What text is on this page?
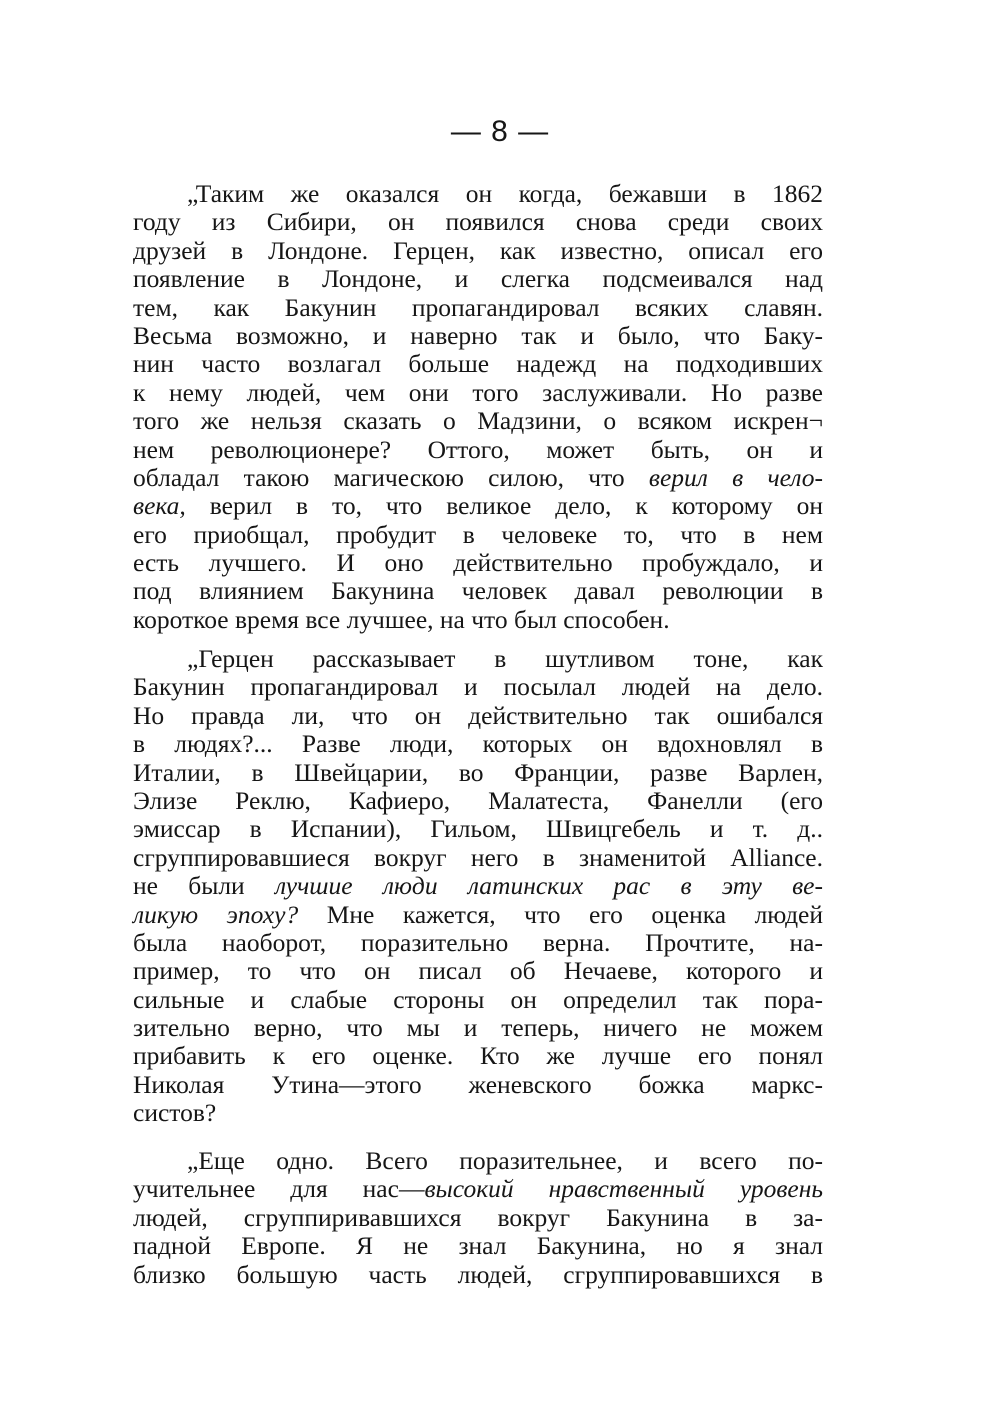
— 8 —
„Таким же оказался он когда, бежавши в 1862
году из Сибири, он появился снова среди своих
друзей в Лондоне. Герцен, как известно, описал его
появление в Лондоне, и слегка подсмеивался над
тем, как Бакунин пропагандировал всяких славян.
Весьма возможно, и наверно так и было, что Баку-
нин часто возлагал больше надежд на подходивших
к нему людей, чем они того заслуживали. Но разве
того же нельзя сказать о Мадзини, о всяком искрен¬
нем революционере? Оттого, может быть, он и
обладал такою магическою силою, что верил в чело-
века, верил в то, что великое дело, к которому он
его приобщал, пробудит в человеке то, что в нем
есть лучшего. И оно действительно пробуждало, и
под влиянием Бакунина человек давал революции в
короткое время все лучшее, на что был способен.
„Герцен рассказывает в шутливом тоне, как
Бакунин пропагандировал и посылал людей на дело.
Но правда ли, что он действительно так ошибался
в людях?... Разве люди, которых он вдохновлял в
Италии, в Швейцарии, во Франции, разве Варлен,
Элизе Реклю, Кафиеро, Малатеста, Фанелли (его
эмиссар в Испании), Гильом, Швицгебель и т. д..
сгруппировавшиеся вокруг него в знаменитой Alliance.
не были лучшие люди латинских рас в эту ве-
ликую эпоху? Мне кажется, что его оценка людей
была наоборот, поразительно верна. Прочтите, на-
пример, то что он писал об Нечаеве, которого и
сильные и слабые стороны он определил так пора-
зительно верно, что мы и теперь, ничего не можем
прибавить к его оценке. Кто же лучше его понял
Николая Утина—этого женевского божка маркс-
систов?
„Еще одно. Всего поразительнее, и всего по-
учительнее для нас—высокий нравственный уровень
людей, сгруппиривавшихся вокруг Бакунина в за-
падной Европе. Я не знал Бакунина, но я знал
близко большую часть людей, сгруппировавшихся в
